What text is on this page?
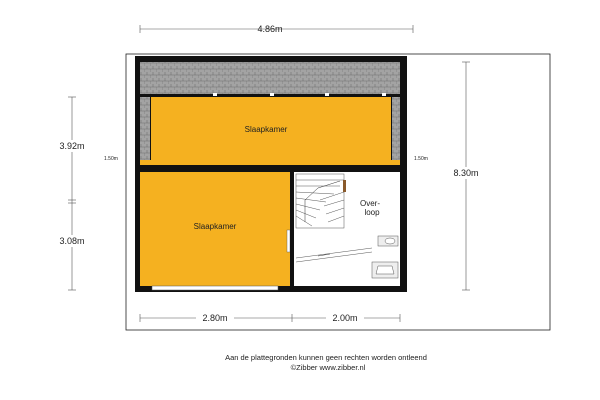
4.86m
3.92m
3.08m
8.30m
2.80m	2.00m
Slaapkamer
1.50m	1.50m
Slaapkamer
Over-
loop
Aan de plattegronden kunnen geen rechten worden ontleend
©Zibber www.zibber.nl
